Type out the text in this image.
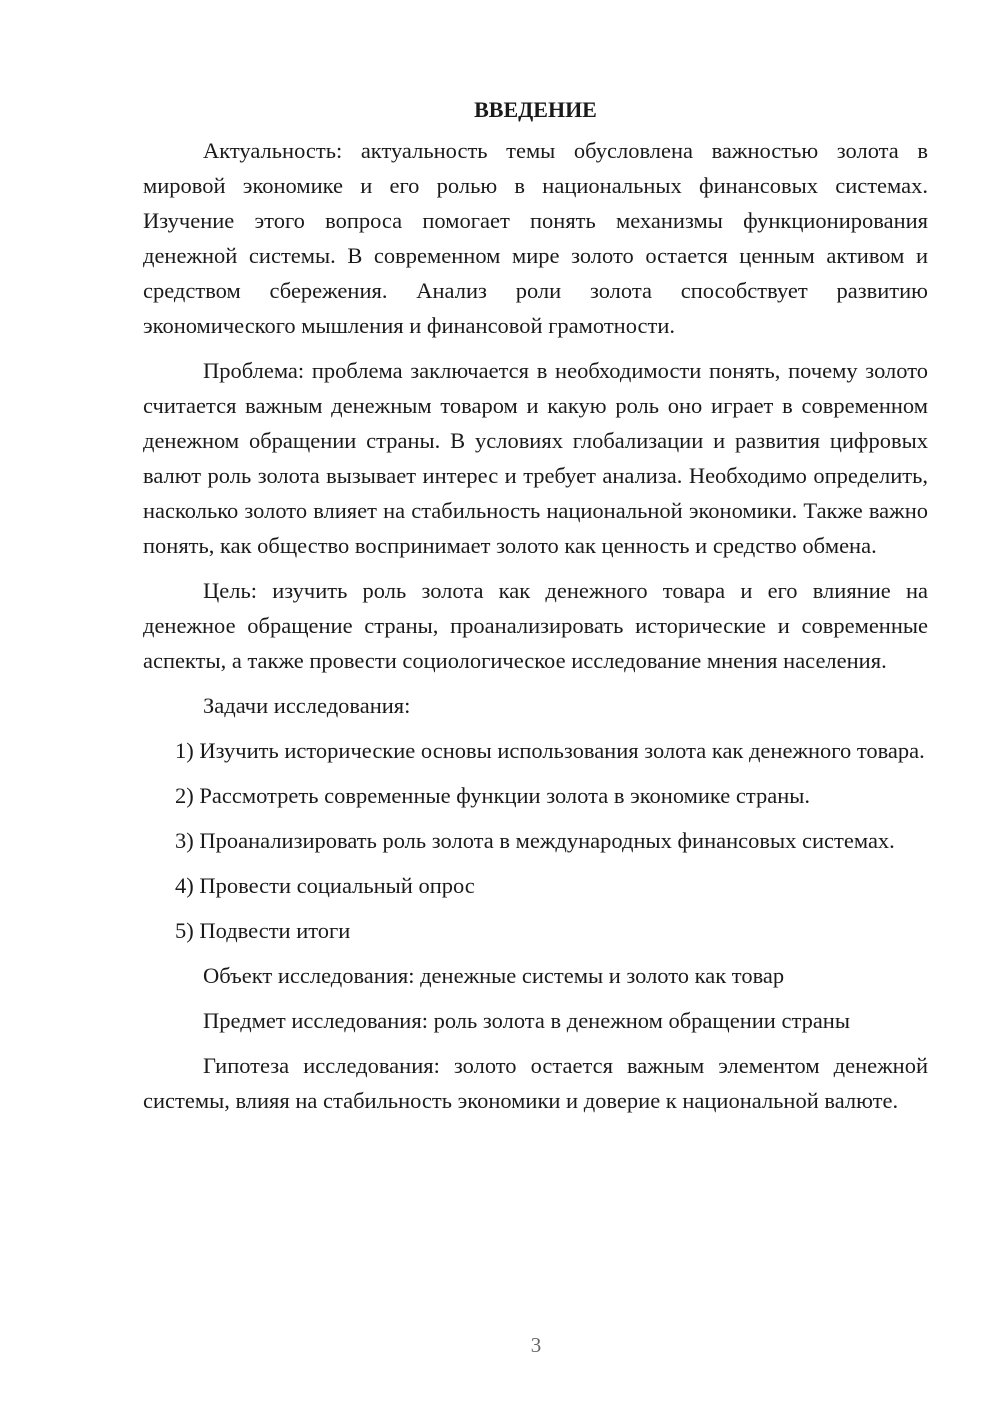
ВВЕДЕНИЕ

Актуальность: актуальность темы обусловлена важностью золота в мировой экономике и его ролью в национальных финансовых системах. Изучение этого вопроса помогает понять механизмы функционирования денежной системы. В современном мире золото остается ценным активом и средством сбережения. Анализ роли золота способствует развитию экономического мышления и финансовой грамотности.

Проблема: проблема заключается в необходимости понять, почему золото считается важным денежным товаром и какую роль оно играет в современном денежном обращении страны. В условиях глобализации и развития цифровых валют роль золота вызывает интерес и требует анализа. Необходимо определить, насколько золото влияет на стабильность национальной экономики. Также важно понять, как общество воспринимает золото как ценность и средство обмена.

Цель: изучить роль золота как денежного товара и его влияние на денежное обращение страны, проанализировать исторические и современные аспекты, а также провести социологическое исследование мнения населения.

Задачи исследования:

1) Изучить исторические основы использования золота как денежного товара.

2) Рассмотреть современные функции золота в экономике страны.

3) Проанализировать роль золота в международных финансовых системах.

4) Провести социальный опрос

5) Подвести итоги

Объект исследования: денежные системы и золото как товар

Предмет исследования: роль золота в денежном обращении страны

Гипотеза исследования: золото остается важным элементом денежной системы, влияя на стабильность экономики и доверие к национальной валюте.

3
